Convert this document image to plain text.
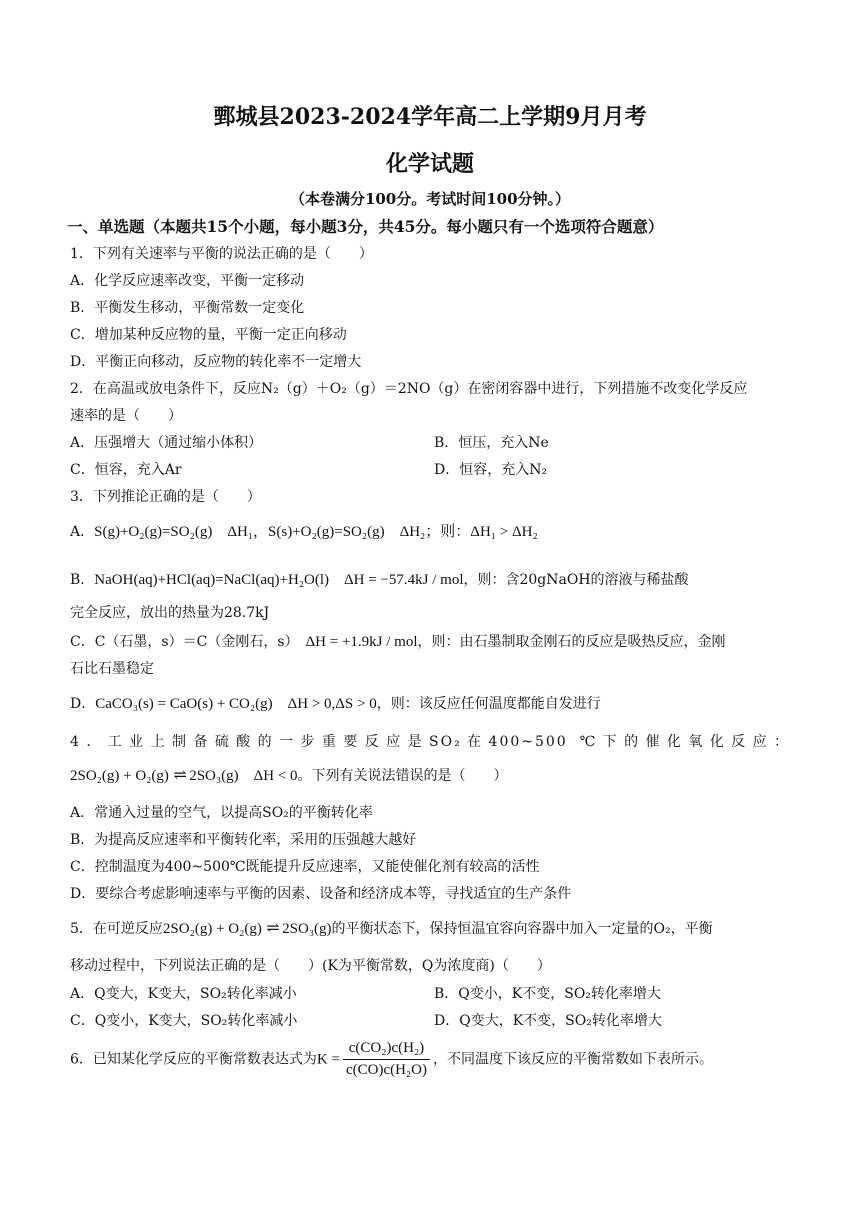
鄄城县2023-2024学年高二上学期9月月考
化学试题
（本卷满分100分。考试时间100分钟。）
一、单选题（本题共15个小题，每小题3分，共45分。每小题只有一个选项符合题意）
1．下列有关速率与平衡的说法正确的是（　　）
A．化学反应速率改变，平衡一定移动
B．平衡发生移动，平衡常数一定变化
C．增加某种反应物的量，平衡一定正向移动
D．平衡正向移动，反应物的转化率不一定增大
2．在高温或放电条件下，反应N₂（g）＋O₂（g）＝2NO（g）在密闭容器中进行，下列措施不改变化学反应
速率的是（　　）
A．压强增大（通过缩小体积）	B．恒压，充入Ne
C．恒容，充入Ar	D．恒容，充入N₂
3．下列推论正确的是（　　）
A．S(g)+O₂(g)=SO₂(g)　ΔH₁，S(s)+O₂(g)=SO₂(g)　ΔH₂；则：ΔH₁ > ΔH₂
B．NaOH(aq)+HCl(aq)=NaCl(aq)+H₂O(l)　ΔH = −57.4kJ / mol，则：含20gNaOH的溶液与稀盐酸
完全反应，放出的热量为28.7kJ
C．C（石墨，s）＝C（金刚石，s）　 ΔH = +1.9kJ / mol，则：由石墨制取金刚石的反应是吸热反应，金刚
石比石墨稳定
D．CaCO₃(s) = CaO(s) + CO₂(g)　ΔH > 0,ΔS > 0，则：该反应任何温度都能自发进行
4．工业上制备硫酸的一步重要反应是SO₂在400~500 ℃下的催化氧化反应：
2SO₂(g) + O₂(g) ⇌ 2SO₃(g)　ΔH < 0。下列有关说法错误的是（　　）
A．常通入过量的空气，以提高SO₂的平衡转化率
B．为提高反应速率和平衡转化率，采用的压强越大越好
C．控制温度为400~500℃既能提升反应速率，又能使催化剂有较高的活性
D．要综合考虑影响速率与平衡的因素、设备和经济成本等，寻找适宜的生产条件
5．在可逆反应2SO₂(g) + O₂(g) ⇌ 2SO₃(g)的平衡状态下，保持恒温宜容向容器中加入一定量的O₂，平衡
移动过程中，下列说法正确的是（　　）(K为平衡常数，Q为浓度商)（　　）
A．Q变大，K变大，SO₂转化率减小	B．Q变小，K不变，SO₂转化率增大
C．Q变小，K变大，SO₂转化率减小	D．Q变大，K不变，SO₂转化率增大
6．已知某化学反应的平衡常数表达式为$K = \frac{\text{c(CO₂)c(H₂)}}{\text{c(CO)c(H₂O)}}$ ，不同温度下该反应的平衡常数如下表所示。
